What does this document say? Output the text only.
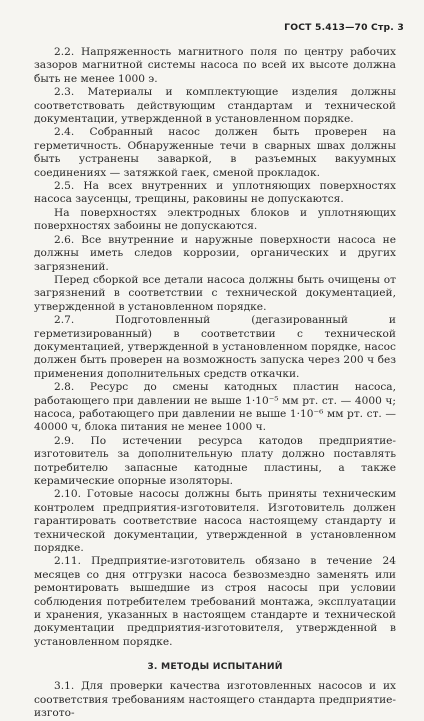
ГОСТ 5.413—70 Стр. 3

2.2. Напряженность магнитного поля по центру рабочих зазоров магнитной системы насоса по всей их высоте должна быть не менее 1000 э.

2.3. Материалы и комплектующие изделия должны соответствовать действующим стандартам и технической документации, утвержденной в установленном порядке.

2.4. Собранный насос должен быть проверен на герметичность. Обнаруженные течи в сварных швах должны быть устранены заваркой, в разъемных вакуумных соединениях — затяжкой гаек, сменой прокладок.

2.5. На всех внутренних и уплотняющих поверхностях насоса заусенцы, трещины, раковины не допускаются.

На поверхностях электродных блоков и уплотняющих поверхностях забоины не допускаются.

2.6. Все внутренние и наружные поверхности насоса не должны иметь следов коррозии, органических и других загрязнений.

Перед сборкой все детали насоса должны быть очищены от загрязнений в соответствии с технической документацией, утвержденной в установленном порядке.

2.7. Подготовленный (дегазированный и герметизированный) в соответствии с технической документацией, утвержденной в установленном порядке, насос должен быть проверен на возможность запуска через 200 ч без применения дополнительных средств откачки.

2.8. Ресурс до смены катодных пластин насоса, работающего при давлении не выше 1·10⁻⁵ мм рт. ст. — 4000 ч; насоса, работающего при давлении не выше 1·10⁻⁶ мм рт. ст. — 40000 ч, блока питания не менее 1000 ч.

2.9. По истечении ресурса катодов предприятие-изготовитель за дополнительную плату должно поставлять потребителю запасные катодные пластины, а также керамические опорные изоляторы.

2.10. Готовые насосы должны быть приняты техническим контролем предприятия-изготовителя. Изготовитель должен гарантировать соответствие насоса настоящему стандарту и технической документации, утвержденной в установленном порядке.

2.11. Предприятие-изготовитель обязано в течение 24 месяцев со дня отгрузки насоса безвозмездно заменять или ремонтировать вышедшие из строя насосы при условии соблюдения потребителем требований монтажа, эксплуатации и хранения, указанных в настоящем стандарте и технической документации предприятия-изготовителя, утвержденной в установленном порядке.

3. МЕТОДЫ ИСПЫТАНИЙ

3.1. Для проверки качества изготовленных насосов и их соответствия требованиям настоящего стандарта предприятие-изгото-
